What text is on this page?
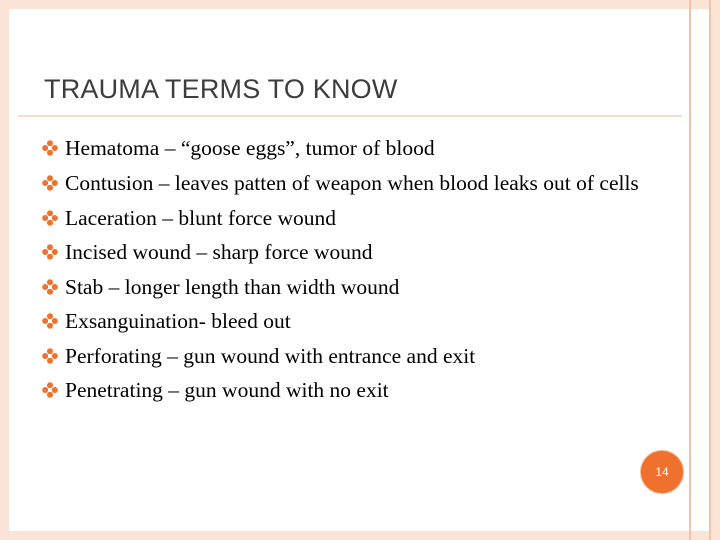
TRAUMA TERMS TO KNOW
Hematoma – “goose eggs”, tumor of blood
Contusion – leaves patten of weapon when blood leaks out of cells
Laceration – blunt force wound
Incised wound – sharp force wound
Stab – longer length than width wound
Exsanguination- bleed out
Perforating – gun wound with entrance and exit
Penetrating – gun wound with no exit
14
